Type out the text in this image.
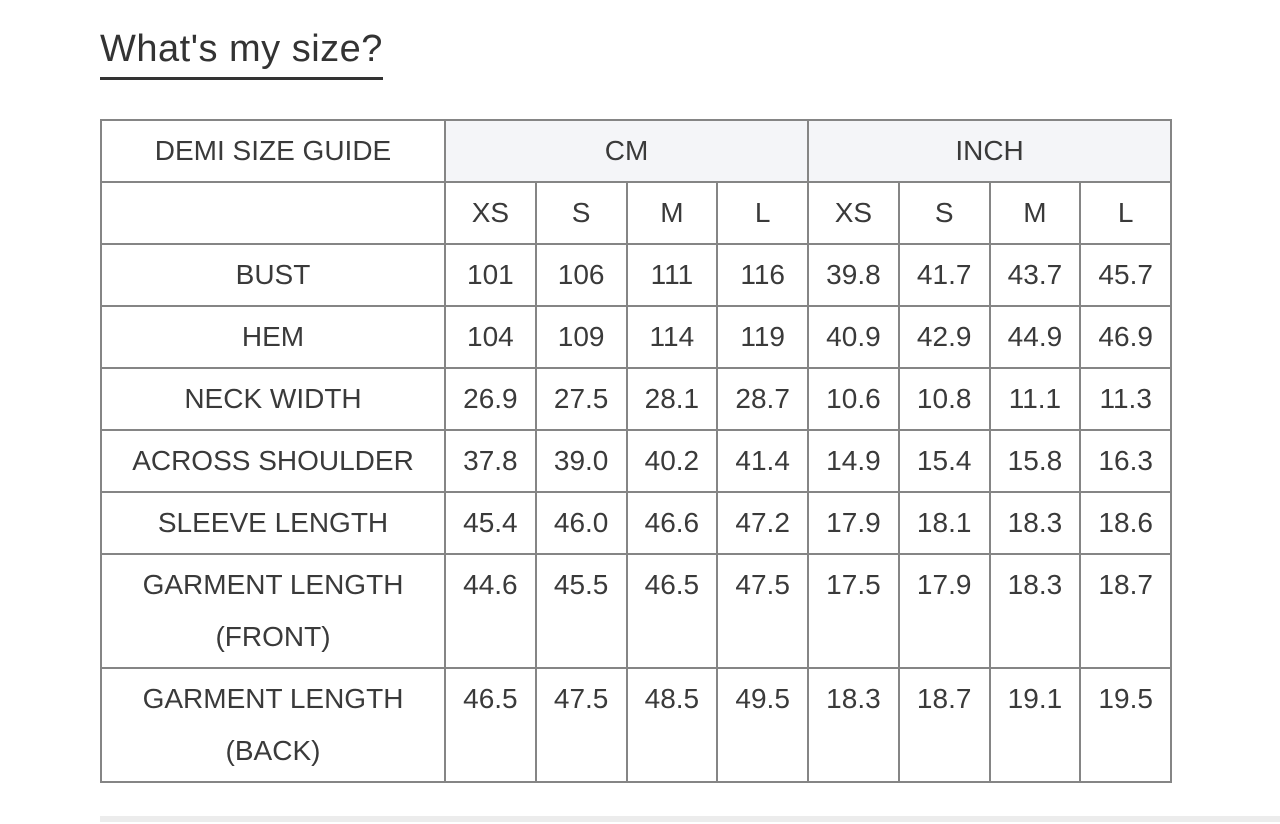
What's my size?
DEMI SIZE GUIDE	CM				INCH			
	XS	S	M	L	XS	S	M	L
BUST	101	106	111	116	39.8	41.7	43.7	45.7
HEM	104	109	114	119	40.9	42.9	44.9	46.9
NECK WIDTH	26.9	27.5	28.1	28.7	10.6	10.8	11.1	11.3
ACROSS SHOULDER	37.8	39.0	40.2	41.4	14.9	15.4	15.8	16.3
SLEEVE LENGTH	45.4	46.0	46.6	47.2	17.9	18.1	18.3	18.6
GARMENT LENGTH (FRONT)	44.6	45.5	46.5	47.5	17.5	17.9	18.3	18.7
GARMENT LENGTH (BACK)	46.5	47.5	48.5	49.5	18.3	18.7	19.1	19.5
